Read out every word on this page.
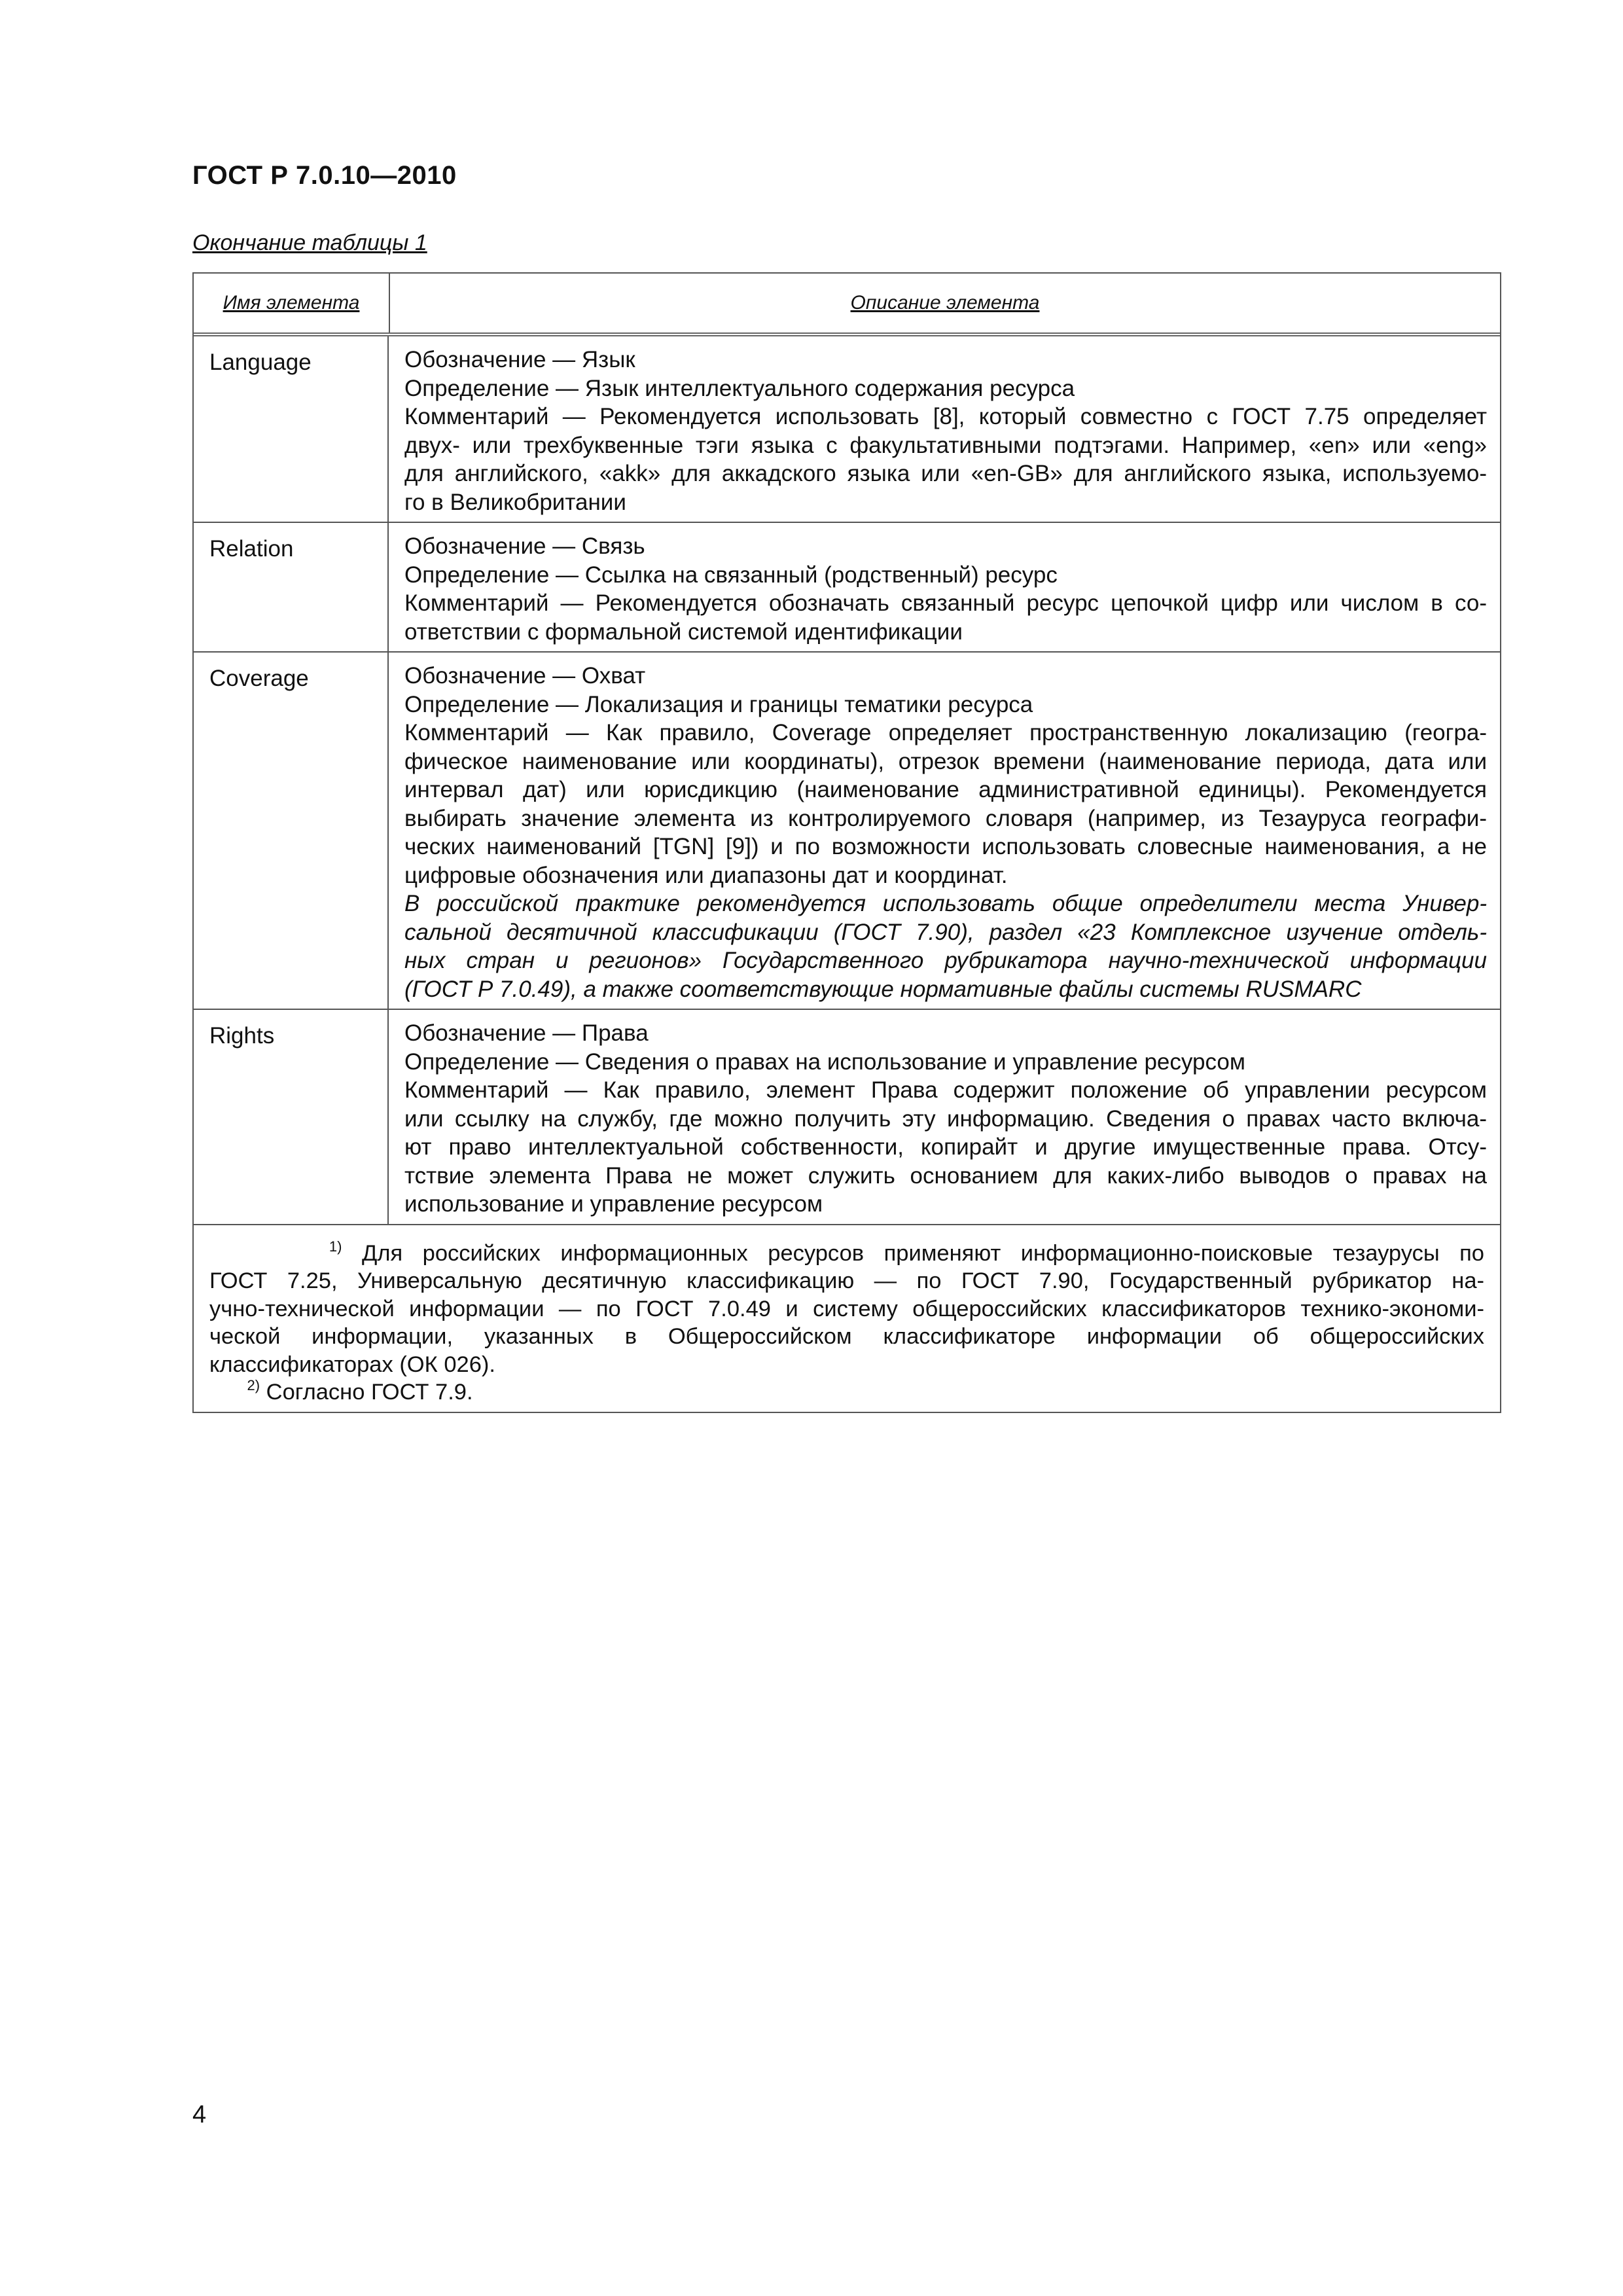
ГОСТ Р 7.0.10—2010
Окончание таблицы 1
Имя элемента	Описание элемента
Language	Обозначение — Язык
Определение — Язык интеллектуального содержания ресурса
Комментарий — Рекомендуется использовать [8], который совместно с ГОСТ 7.75 определяет
двух- или трехбуквенные тэги языка с факультативными подтэгами. Например, «en» или «eng»
для английского, «akk» для аккадского языка или «en-GB» для английского языка, используемо-
го в Великобритании
Relation	Обозначение — Связь
Определение — Ссылка на связанный (родственный) ресурс
Комментарий — Рекомендуется обозначать связанный ресурс цепочкой цифр или числом в со-
ответствии с формальной системой идентификации
Coverage	Обозначение — Охват
Определение — Локализация и границы тематики ресурса
Комментарий — Как правило, Coverage определяет пространственную локализацию (геогра-
фическое наименование или координаты), отрезок времени (наименование периода, дата или
интервал дат) или юрисдикцию (наименование административной единицы). Рекомендуется
выбирать значение элемента из контролируемого словаря (например, из Тезауруса географи-
ческих наименований [TGN] [9]) и по возможности использовать словесные наименования, а не
цифровые обозначения или диапазоны дат и координат.
В российской практике рекомендуется использовать общие определители места Универ-
сальной десятичной классификации (ГОСТ 7.90), раздел «23 Комплексное изучение отдель-
ных стран и регионов» Государственного рубрикатора научно-технической информации
(ГОСТ Р 7.0.49), а также соответствующие нормативные файлы системы RUSMARC
Rights	Обозначение — Права
Определение — Сведения о правах на использование и управление ресурсом
Комментарий — Как правило, элемент Права содержит положение об управлении ресурсом
или ссылку на службу, где можно получить эту информацию. Сведения о правах часто включа-
ют право интеллектуальной собственности, копирайт и другие имущественные права. Отсу-
тствие элемента Права не может служить основанием для каких-либо выводов о правах на
использование и управление ресурсом
$^{1)}$ Для российских информационных ресурсов применяют информационно-поисковые тезаурусы по
ГОСТ 7.25, Универсальную десятичную классификацию — по ГОСТ 7.90, Государственный рубрикатор на-
учно-технической информации — по ГОСТ 7.0.49 и систему общероссийских классификаторов технико-экономи-
ческой информации, указанных в Общероссийском классификаторе информации об общероссийских
классификаторах (ОК 026).
$^{2)}$ Согласно ГОСТ 7.9.
4
